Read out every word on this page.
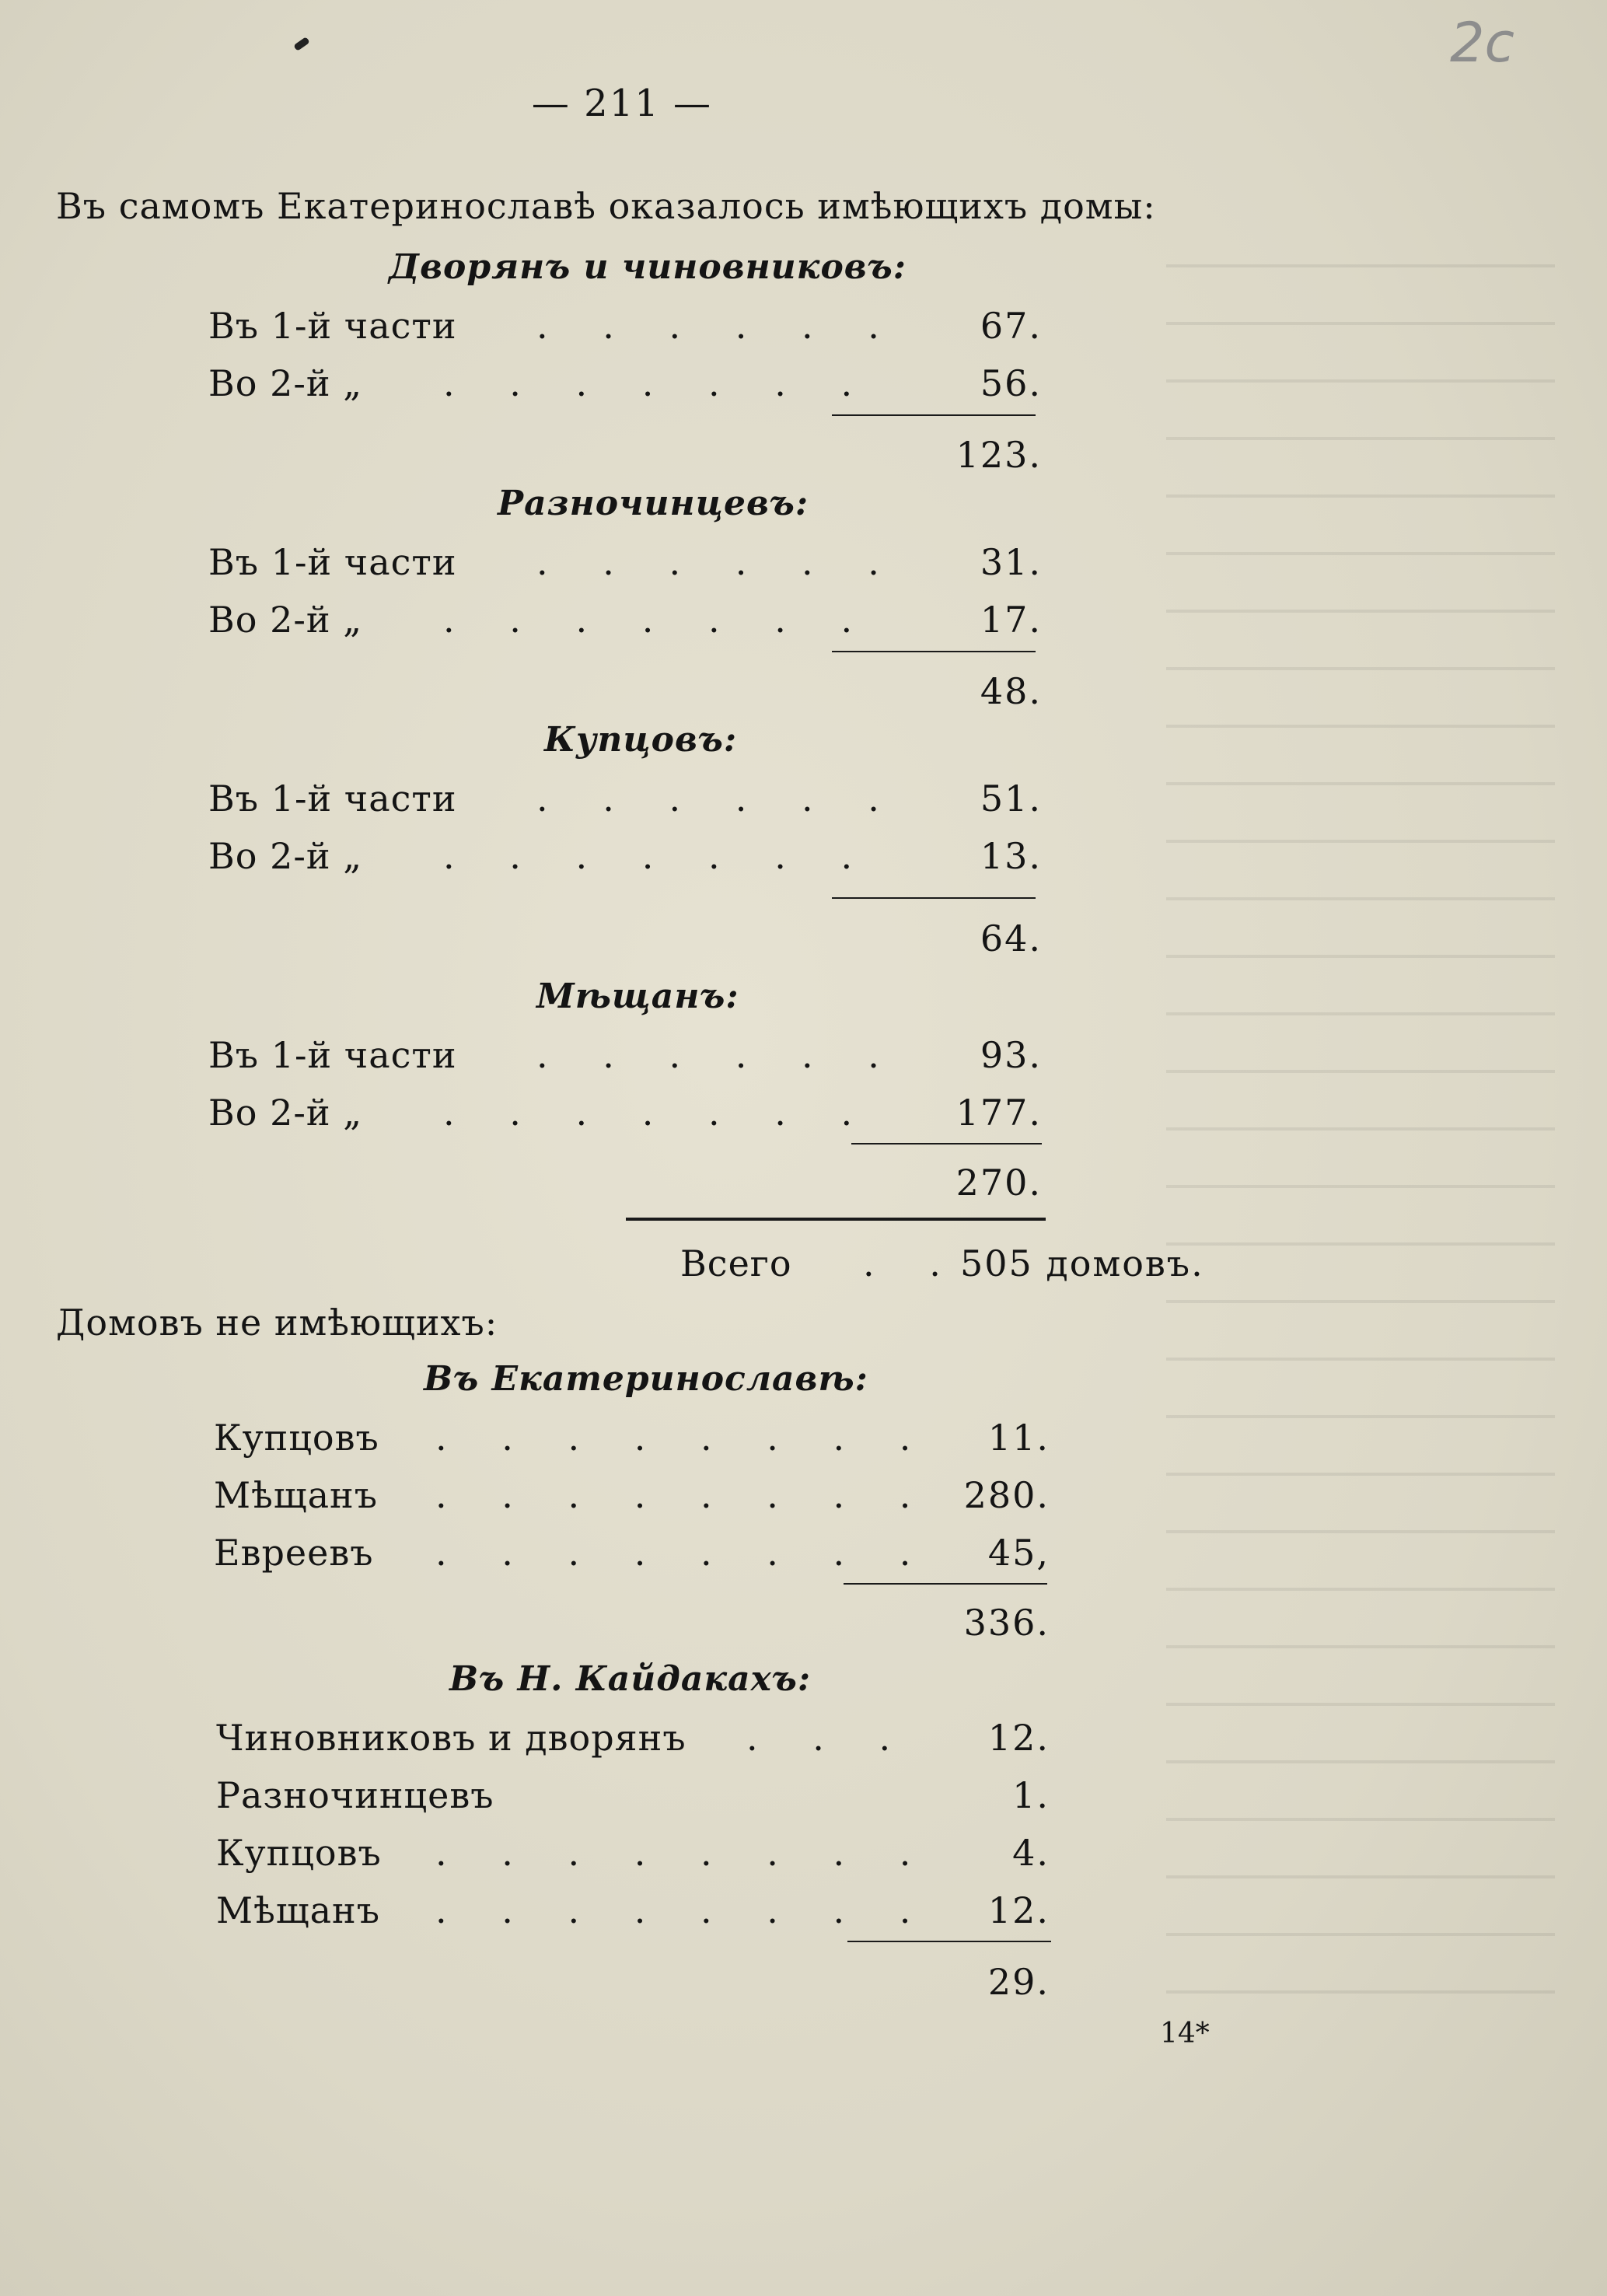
2c
— 211 —
Въ самомъ Екатеринославѣ оказалось имѣющихъ домы:
Дворянъ и чиновниковъ:
Въ 1-й части . . . . . .	67.
Во 2-й „ . . . . . . .	56.
123.
Разночинцевъ:
Въ 1-й части . . . . . .	31.
Во 2-й „ . . . . . . .	17.
48.
Купцовъ:
Въ 1-й части . . . . . .	51.
Во 2-й „ . . . . . . .	13.
64.
Мѣщанъ:
Въ 1-й части . . . . . .	93.
Во 2-й „ . . . . . . .	177.
270.
Всего . .
505 домовъ.
Домовъ не имѣющихъ:
Въ Екатеринославѣ:
Купцовъ . . . . . . . .	11.
Мѣщанъ . . . . . . . . 280.
Евреевъ . . . . . . . .	45,
336.
Въ Н. Кайдакахъ:
Чиновниковъ и дворянъ . . .	12.
Разночинцевъ	1.
Купцовъ . . . . . . . .	4.
Мѣщанъ . . . . . . . .	12.
29.
14*
